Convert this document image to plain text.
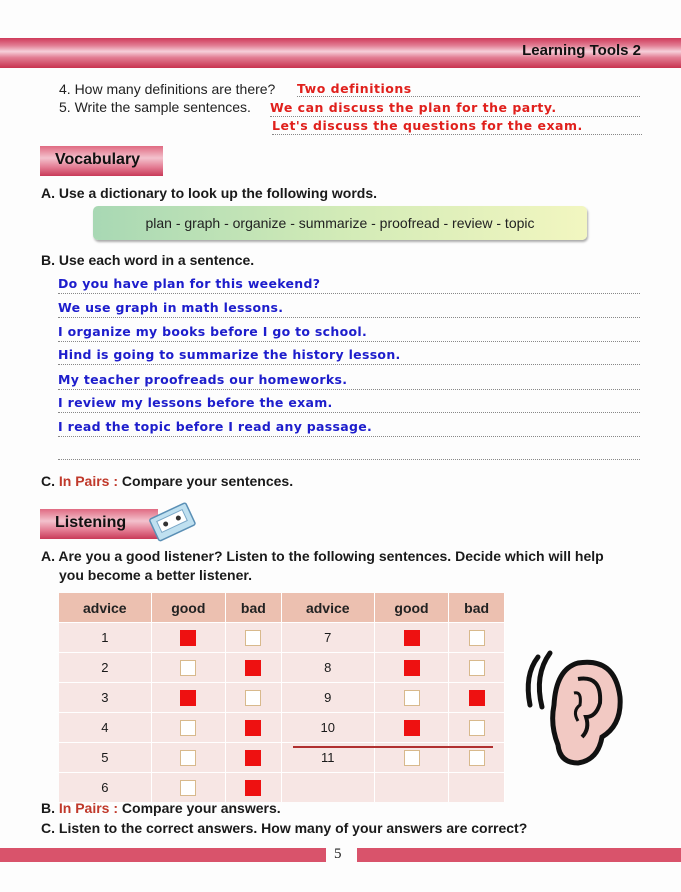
Learning Tools 2
4. How many definitions are there? Two definitions
5. Write the sample sentences. We can discuss the plan for the party.
Let's discuss the questions for the exam.
Vocabulary
A. Use a dictionary to look up the following words.
plan - graph - organize - summarize - proofread - review - topic
B. Use each word in a sentence.
Do you have plan for this weekend?
We use graph in math lessons.
I organize my books before I go to school.
Hind is going to summarize the history lesson.
My teacher proofreads our homeworks.
I review my lessons before the exam.
I read the topic before I read any passage.
C. In Pairs : Compare your sentences.
Listening
A. Are you a good listener? Listen to the following sentences. Decide which will help
you become a better listener.
advice	good	bad	advice	good	bad
1			7		
2			8		
3			9		
4			10		
5			11		
6					
B. In Pairs : Compare your answers.
C. Listen to the correct answers. How many of your answers are correct?
5
